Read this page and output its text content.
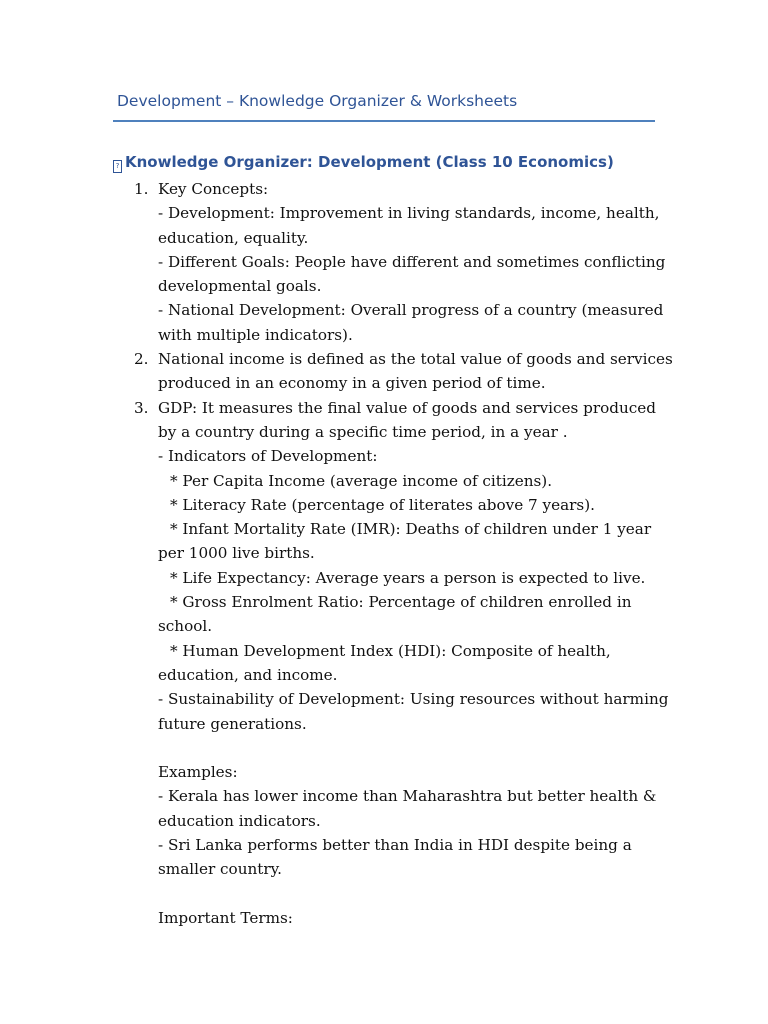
Development – Knowledge Organizer & Worksheets
? Knowledge Organizer: Development (Class 10 Economics)
1. Key Concepts:
- Development: Improvement in living standards, income, health,
education, equality.
- Different Goals: People have different and sometimes conflicting
developmental goals.
- National Development: Overall progress of a country (measured
with multiple indicators).
2. National income is defined as the total value of goods and services
produced in an economy in a given period of time.
3. GDP: It measures the final value of goods and services produced
by a country during a specific time period, in a year .
- Indicators of Development:
* Per Capita Income (average income of citizens).
* Literacy Rate (percentage of literates above 7 years).
* Infant Mortality Rate (IMR): Deaths of children under 1 year
per 1000 live births.
* Life Expectancy: Average years a person is expected to live.
* Gross Enrolment Ratio: Percentage of children enrolled in
school.
* Human Development Index (HDI): Composite of health,
education, and income.
- Sustainability of Development: Using resources without harming
future generations.
Examples:
- Kerala has lower income than Maharashtra but better health &
education indicators.
- Sri Lanka performs better than India in HDI despite being a
smaller country.
Important Terms:
